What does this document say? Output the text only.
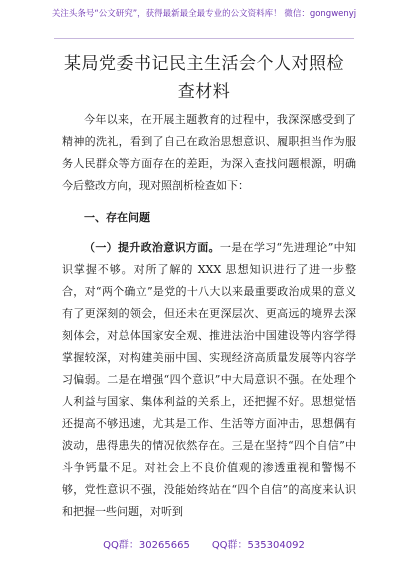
关注头条号“公文研究”，获得最新最全最专业的公文资料库！ 微信：gongwenyj
某局党委书记民主生活会个人对照检查材料

今年以来，在开展主题教育的过程中，我深深感受到了精神的洗礼，看到了自己在政治思想意识、履职担当作为服务人民群众等方面存在的差距，为深入查找问题根源，明确今后整改方向，现对照剖析检查如下：

一、存在问题

（一）提升政治意识方面。一是在学习“先进理论”中知识掌握不够。对所了解的 XXX 思想知识进行了进一步整合，对“两个确立”是党的十八大以来最重要政治成果的意义有了更深刻的领会，但还未在更深层次、更高远的境界去深刻体会，对总体国家安全观、推进法治中国建设等内容学得掌握较深，对构建美丽中国、实现经济高质量发展等内容学习偏弱。二是在增强“四个意识”中大局意识不强。在处理个人利益与国家、集体利益的关系上，还把握不好。思想觉悟还提高不够迅速，尤其是工作、生活等方面冲击，思想偶有波动，患得患失的情况依然存在。三是在坚持“四个自信”中斗争钙量不足。对社会上不良价值观的渗透重视和警惕不够，党性意识不强，没能始终站在“四个自信”的高度来认识和把握一些问题，对听到

QQ群：30265665 QQ群：535304092
